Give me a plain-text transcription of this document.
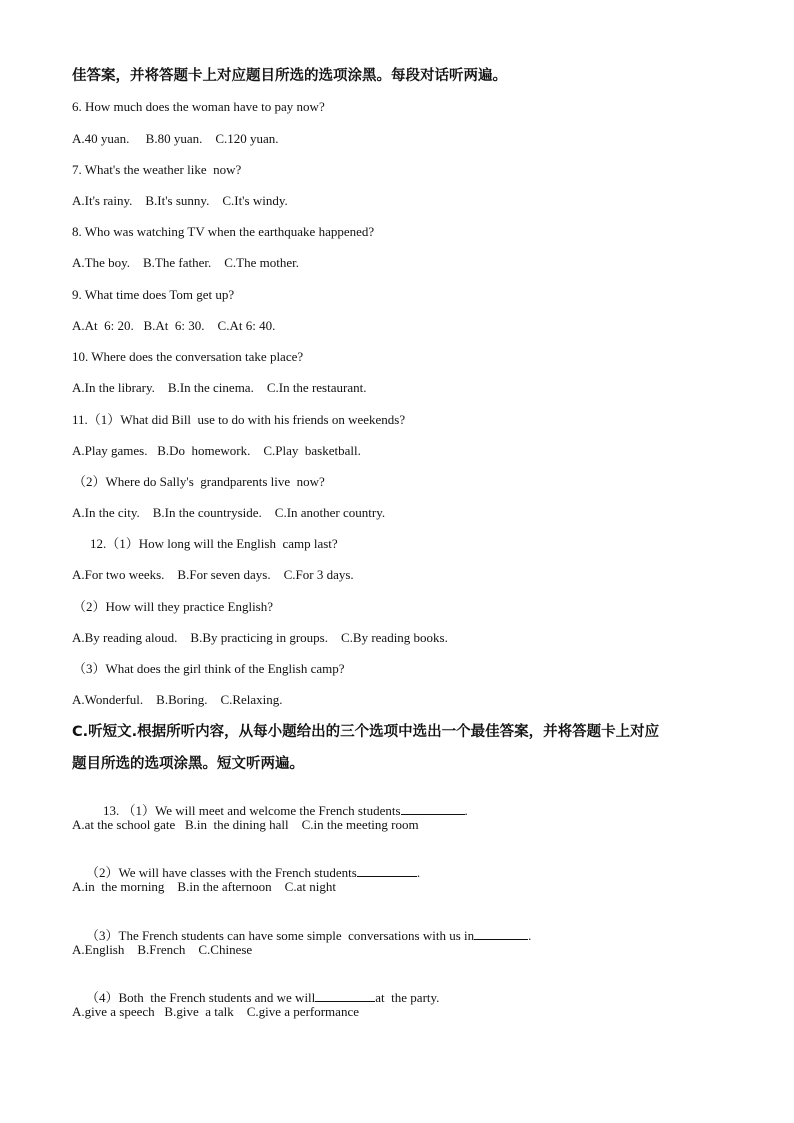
佳答案，并将答题卡上对应题目所选的选项涂黑。每段对话听两遍。
6. How much does the woman have to pay now?
A.40 yuan.     B.80 yuan.    C.120 yuan.
7. What's the weather like  now?
A.It's rainy.    B.It's sunny.    C.It's windy.
8. Who was watching TV when the earthquake happened?
A.The boy.    B.The father.    C.The mother.
9. What time does Tom get up?
A.At  6: 20.   B.At  6: 30.    C.At 6: 40.
10. Where does the conversation take place?
A.In the library.    B.In the cinema.    C.In the restaurant.
11.（1）What did Bill  use to do with his friends on weekends?
A.Play games.   B.Do  homework.    C.Play  basketball.
（2）Where do Sally's  grandparents live  now?
A.In the city.    B.In the countryside.    C.In another country.
12.（1）How long will the English  camp last?
A.For two weeks.    B.For seven days.    C.For 3 days.
（2）How will they practice English?
A.By reading aloud.    B.By practicing in groups.    C.By reading books.
（3）What does the girl think of the English camp?
A.Wonderful.    B.Boring.    C.Relaxing.
C.听短文.根据所听内容，从每小题给出的三个选项中选出一个最佳答案，并将答题卡上对应
题目所选的选项涂黑。短文听两遍。

13. （1）We will meet and welcome the French students	.

A.at the school gate   B.in  the dining hall    C.in the meeting room

（2）We will have classes with the French students	.

A.in  the morning    B.in the afternoon    C.at night

（3）The French students can have some simple  conversations with us in	.

A.English    B.French    C.Chinese

（4）Both  the French students and we will	at  the party.

A.give a speech   B.give  a talk    C.give a performance
